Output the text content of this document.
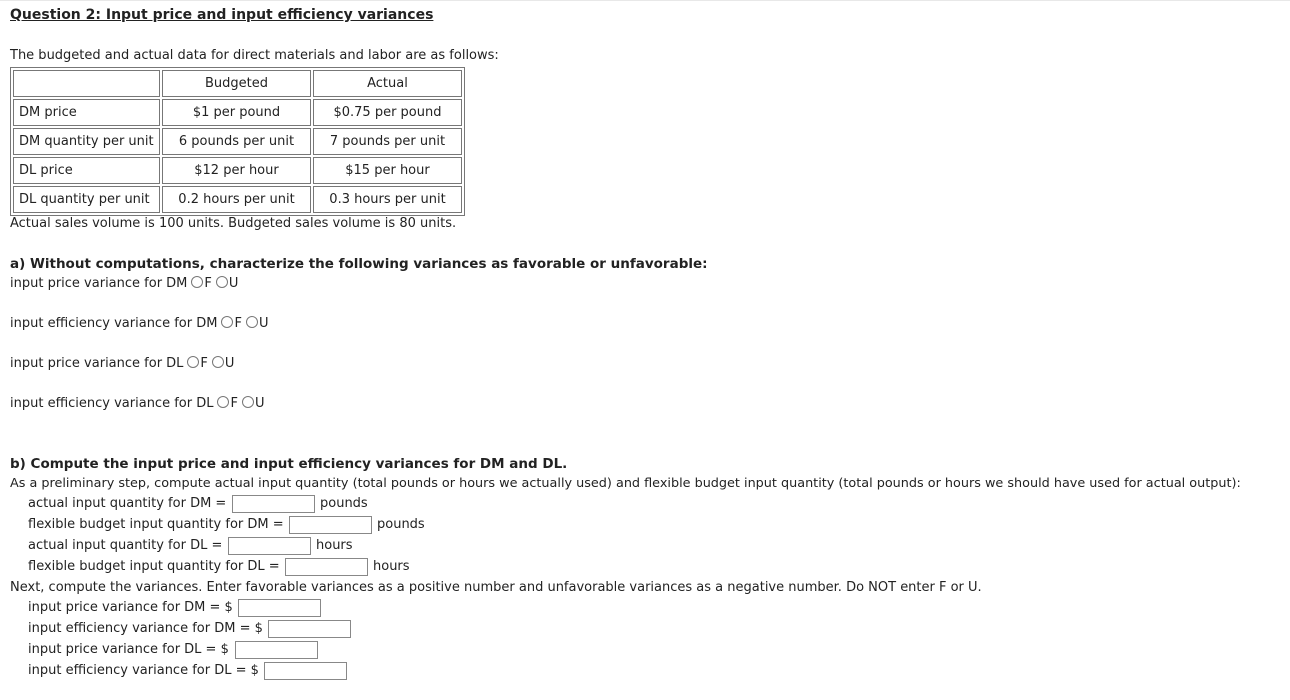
Question 2: Input price and input efficiency variances
The budgeted and actual data for direct materials and labor are as follows:
	Budgeted	Actual
DM price	$1 per pound	$0.75 per pound
DM quantity per unit	6 pounds per unit	7 pounds per unit
DL price	$12 per hour	$15 per hour
DL quantity per unit	0.2 hours per unit	0.3 hours per unit
Actual sales volume is 100 units. Budgeted sales volume is 80 units.
a) Without computations, characterize the following variances as favorable or unfavorable:
input price variance for DM F U
input efficiency variance for DM F U
input price variance for DL F U
input efficiency variance for DL F U
b) Compute the input price and input efficiency variances for DM and DL.
As a preliminary step, compute actual input quantity (total pounds or hours we actually used) and flexible budget input quantity (total pounds or hours we should have used for actual output):
actual input quantity for DM =	pounds
flexible budget input quantity for DM =	pounds
actual input quantity for DL =	hours
flexible budget input quantity for DL =	hours
Next, compute the variances. Enter favorable variances as a positive number and unfavorable variances as a negative number. Do NOT enter F or U.
input price variance for DM = $
input efficiency variance for DM = $
input price variance for DL = $
input efficiency variance for DL = $
